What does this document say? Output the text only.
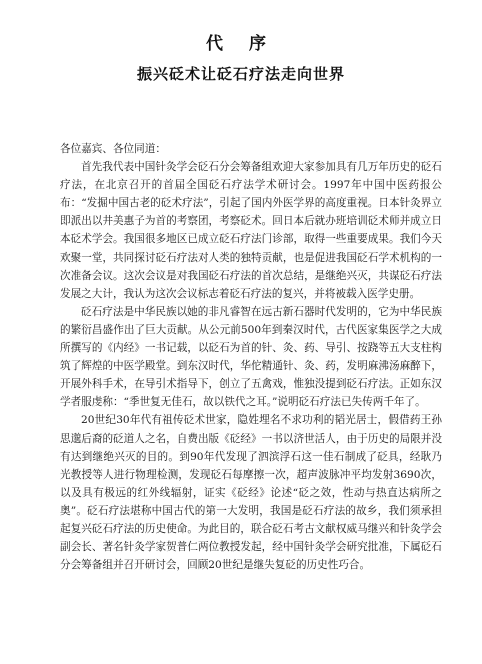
代 序
振兴砭术让砭石疗法走向世界

各位嘉宾、各位同道：

首先我代表中国针灸学会砭石分会筹备组欢迎大家参加具有几万年历史的砭石疗法，在北京召开的首届全国砭石疗法学术研讨会。1997年中国中医药报公布：“发掘中国古老的砭术疗法”，引起了国内外医学界的高度重视。日本针灸界立即派出以井美惠子为首的考察团，考察砭术。回日本后就办班培训砭术师并成立日本砭术学会。我国很多地区已成立砭石疗法门诊部，取得一些重要成果。我们今天欢聚一堂，共同探讨砭石疗法对人类的独特贡献，也是促进我国砭石学术机构的一次准备会议。这次会议是对我国砭石疗法的首次总结，是继绝兴灭，共谋砭石疗法发展之大计，我认为这次会议标志着砭石疗法的复兴，并将被载入医学史册。

砭石疗法是中华民族以她的非凡睿智在远古新石器时代发明的，它为中华民族的繁衍昌盛作出了巨大贡献。从公元前500年到秦汉时代，古代医家集医学之大成所撰写的《内经》一书记载，以砭石为首的针、灸、药、导引、按跷等五大支柱构筑了辉煌的中医学殿堂。到东汉时代，华佗精通针、灸、药，发明麻沸汤麻醉下，开展外科手术，在导引术指导下，创立了五禽戏，惟独没提到砭石疗法。正如东汉学者服虔称：“季世复无佳石，故以铁代之耳。”说明砭石疗法已失传两千年了。

20世纪30年代有祖传砭术世家，隐姓埋名不求功利的韬光居士，假借药王孙思邈后裔的砭道人之名，自费出版《砭经》一书以济世活人，由于历史的局限并没有达到继绝兴灭的目的。到90年代发现了泗滨浮石这一佳石制成了砭具，经耿乃光教授等人进行物理检测，发现砭石每摩擦一次，超声波脉冲平均发射3690次，以及具有极远的红外线辐射，证实《砭经》论述“砭之效，性动与热直达病所之奥”。砭石疗法堪称中国古代的第一大发明，我国是砭石疗法的故乡，我们须承担起复兴砭石疗法的历史使命。为此目的，联合砭石考古文献权威马继兴和针灸学会副会长、著名针灸学家贺普仁两位教授发起，经中国针灸学会研究批准，下属砭石分会筹备组并召开研讨会，回顾20世纪是继失复砭的历史性巧合。
